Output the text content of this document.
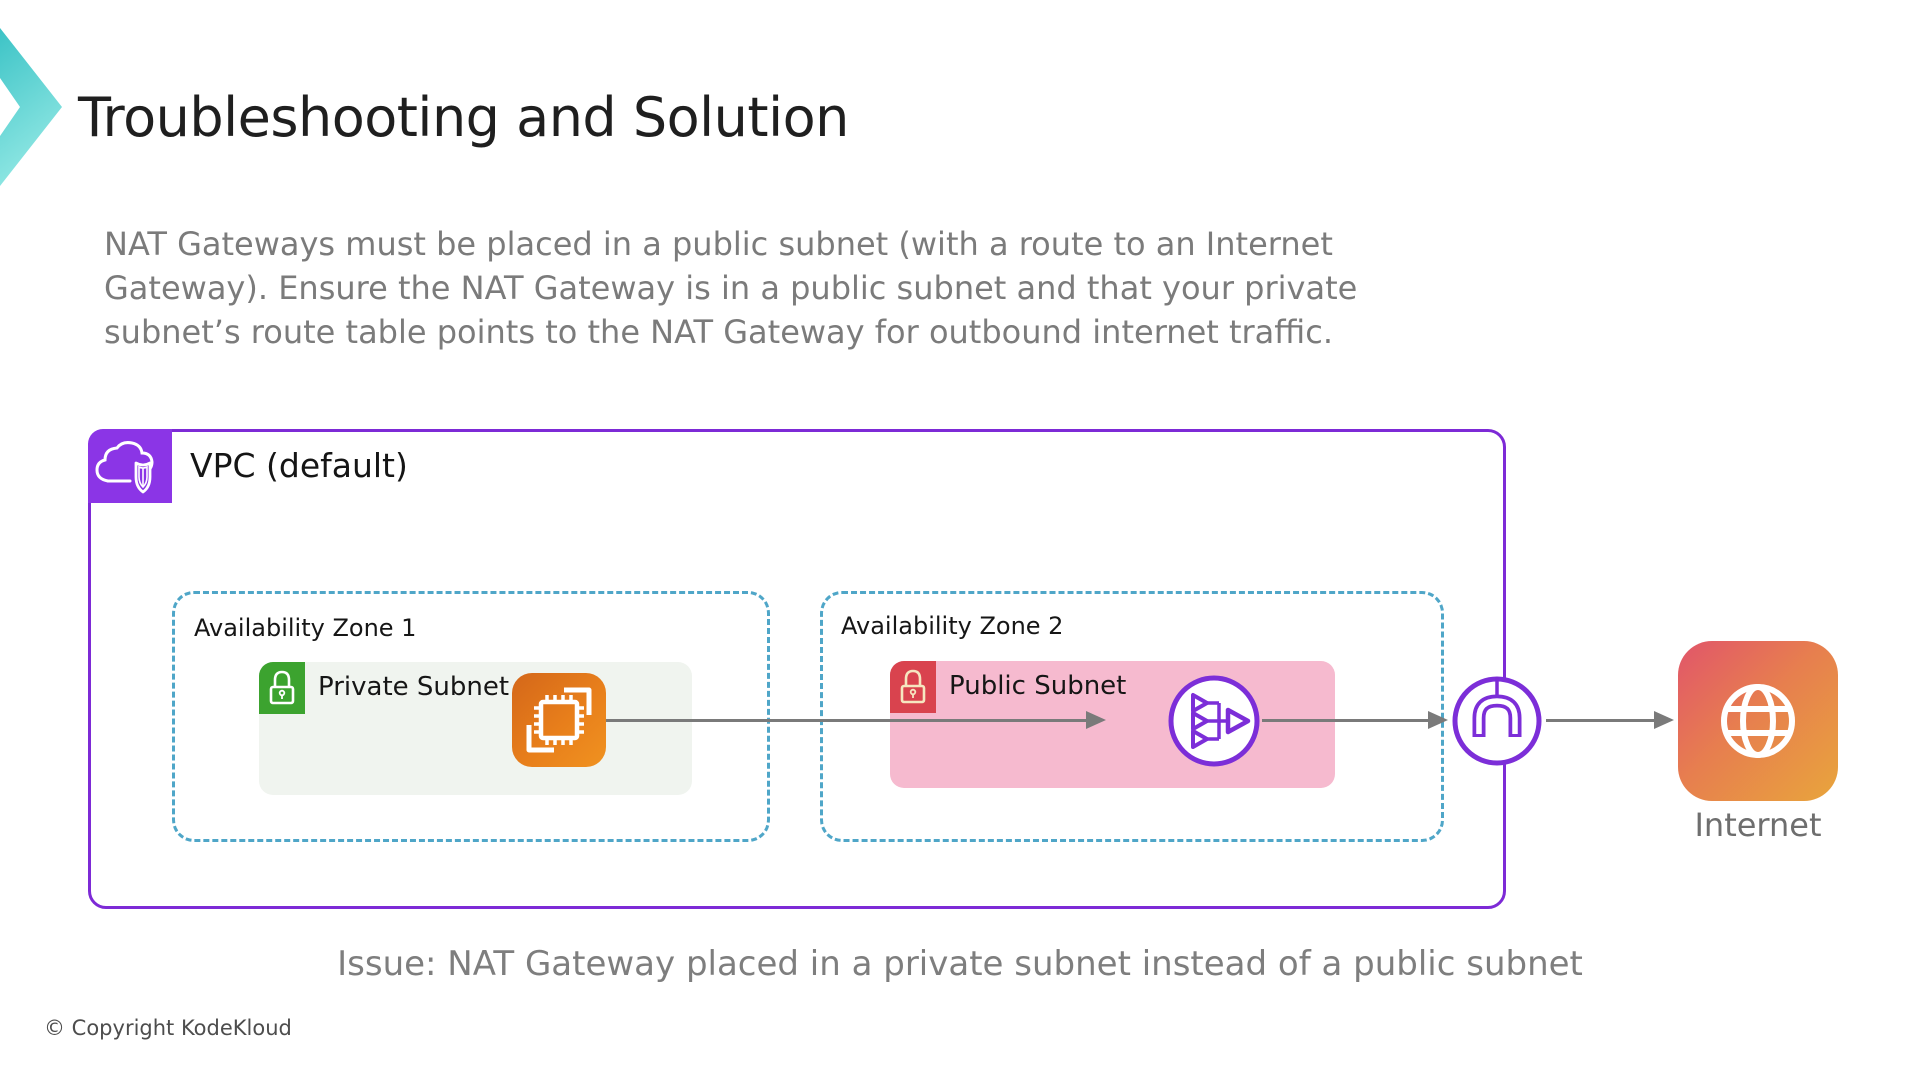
Troubleshooting and Solution
NAT Gateways must be placed in a public subnet (with a route to an Internet
Gateway). Ensure the NAT Gateway is in a public subnet and that your private
subnet’s route table points to the NAT Gateway for outbound internet traffic.
VPC (default)
Availability Zone 1
Private Subnet
Availability Zone 2
Public Subnet
Internet
Issue: NAT Gateway placed in a private subnet instead of a public subnet
© Copyright KodeKloud
